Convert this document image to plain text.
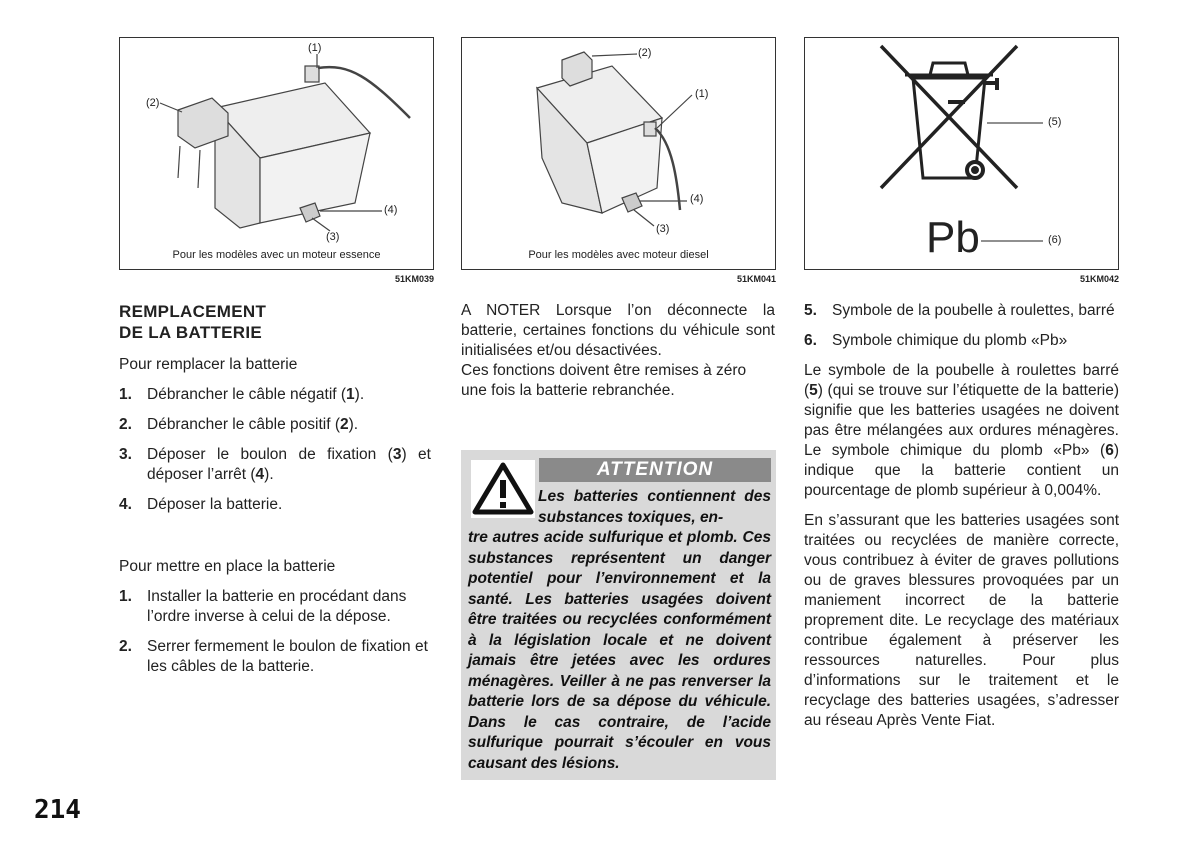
(1)
(2)
(3)
(4)
Pour les modèles avec un moteur essence
51KM039
(2)
(1)
(4)
(3)
Pour les modèles avec moteur diesel
51KM041
Pb
(5)
(6)
51KM042
REMPLACEMENT
DE LA BATTERIE

Pour remplacer la batterie

1. Débrancher le câble négatif (1).
2. Débrancher le câble positif (2).
3. Déposer le boulon de fixation (3) et déposer l’arrêt (4).
4. Déposer la batterie.

Pour mettre en place la batterie

1. Installer la batterie en procédant dans l’ordre inverse à celui de la dépose.
2. Serrer fermement le boulon de fixation et les câbles de la batterie.

A NOTER Lorsque l’on déconnecte la batterie, certaines fonctions du véhicule sont initialisées et/ou désactivées.

Ces fonctions doivent être remises à zéro une fois la batterie rebranchée.

ATTENTION
Les batteries contiennent des substances toxiques, en-
tre autres acide sulfurique et plomb. Ces substances représentent un danger potentiel pour l’environnement et la santé. Les batteries usagées doivent être traitées ou recyclées conformément à la législation locale et ne doivent jamais être jetées avec les ordures ménagères. Veiller à ne pas renverser la batterie lors de sa dépose du véhicule. Dans le cas contraire, de l’acide sulfurique pourrait s’écouler en vous causant des lésions.
5. Symbole de la poubelle à roulettes, barré
6. Symbole chimique du plomb «Pb»

Le symbole de la poubelle à roulettes barré (5) (qui se trouve sur l’étiquette de la batterie) signifie que les batteries usagées ne doivent pas être mélangées aux ordures ménagères. Le symbole chimique du plomb «Pb» (6) indique que la batterie contient un pourcentage de plomb supérieur à 0,004%.

En s’assurant que les batteries usagées sont traitées ou recyclées de manière correcte, vous contribuez à éviter de graves pollutions ou de graves blessures provoquées par un maniement incorrect de la batterie proprement dite. Le recyclage des matériaux contribue également à préserver les ressources naturelles. Pour plus d’informations sur le traitement et le recyclage des batteries usagées, s’adresser au réseau Après Vente Fiat.

214
